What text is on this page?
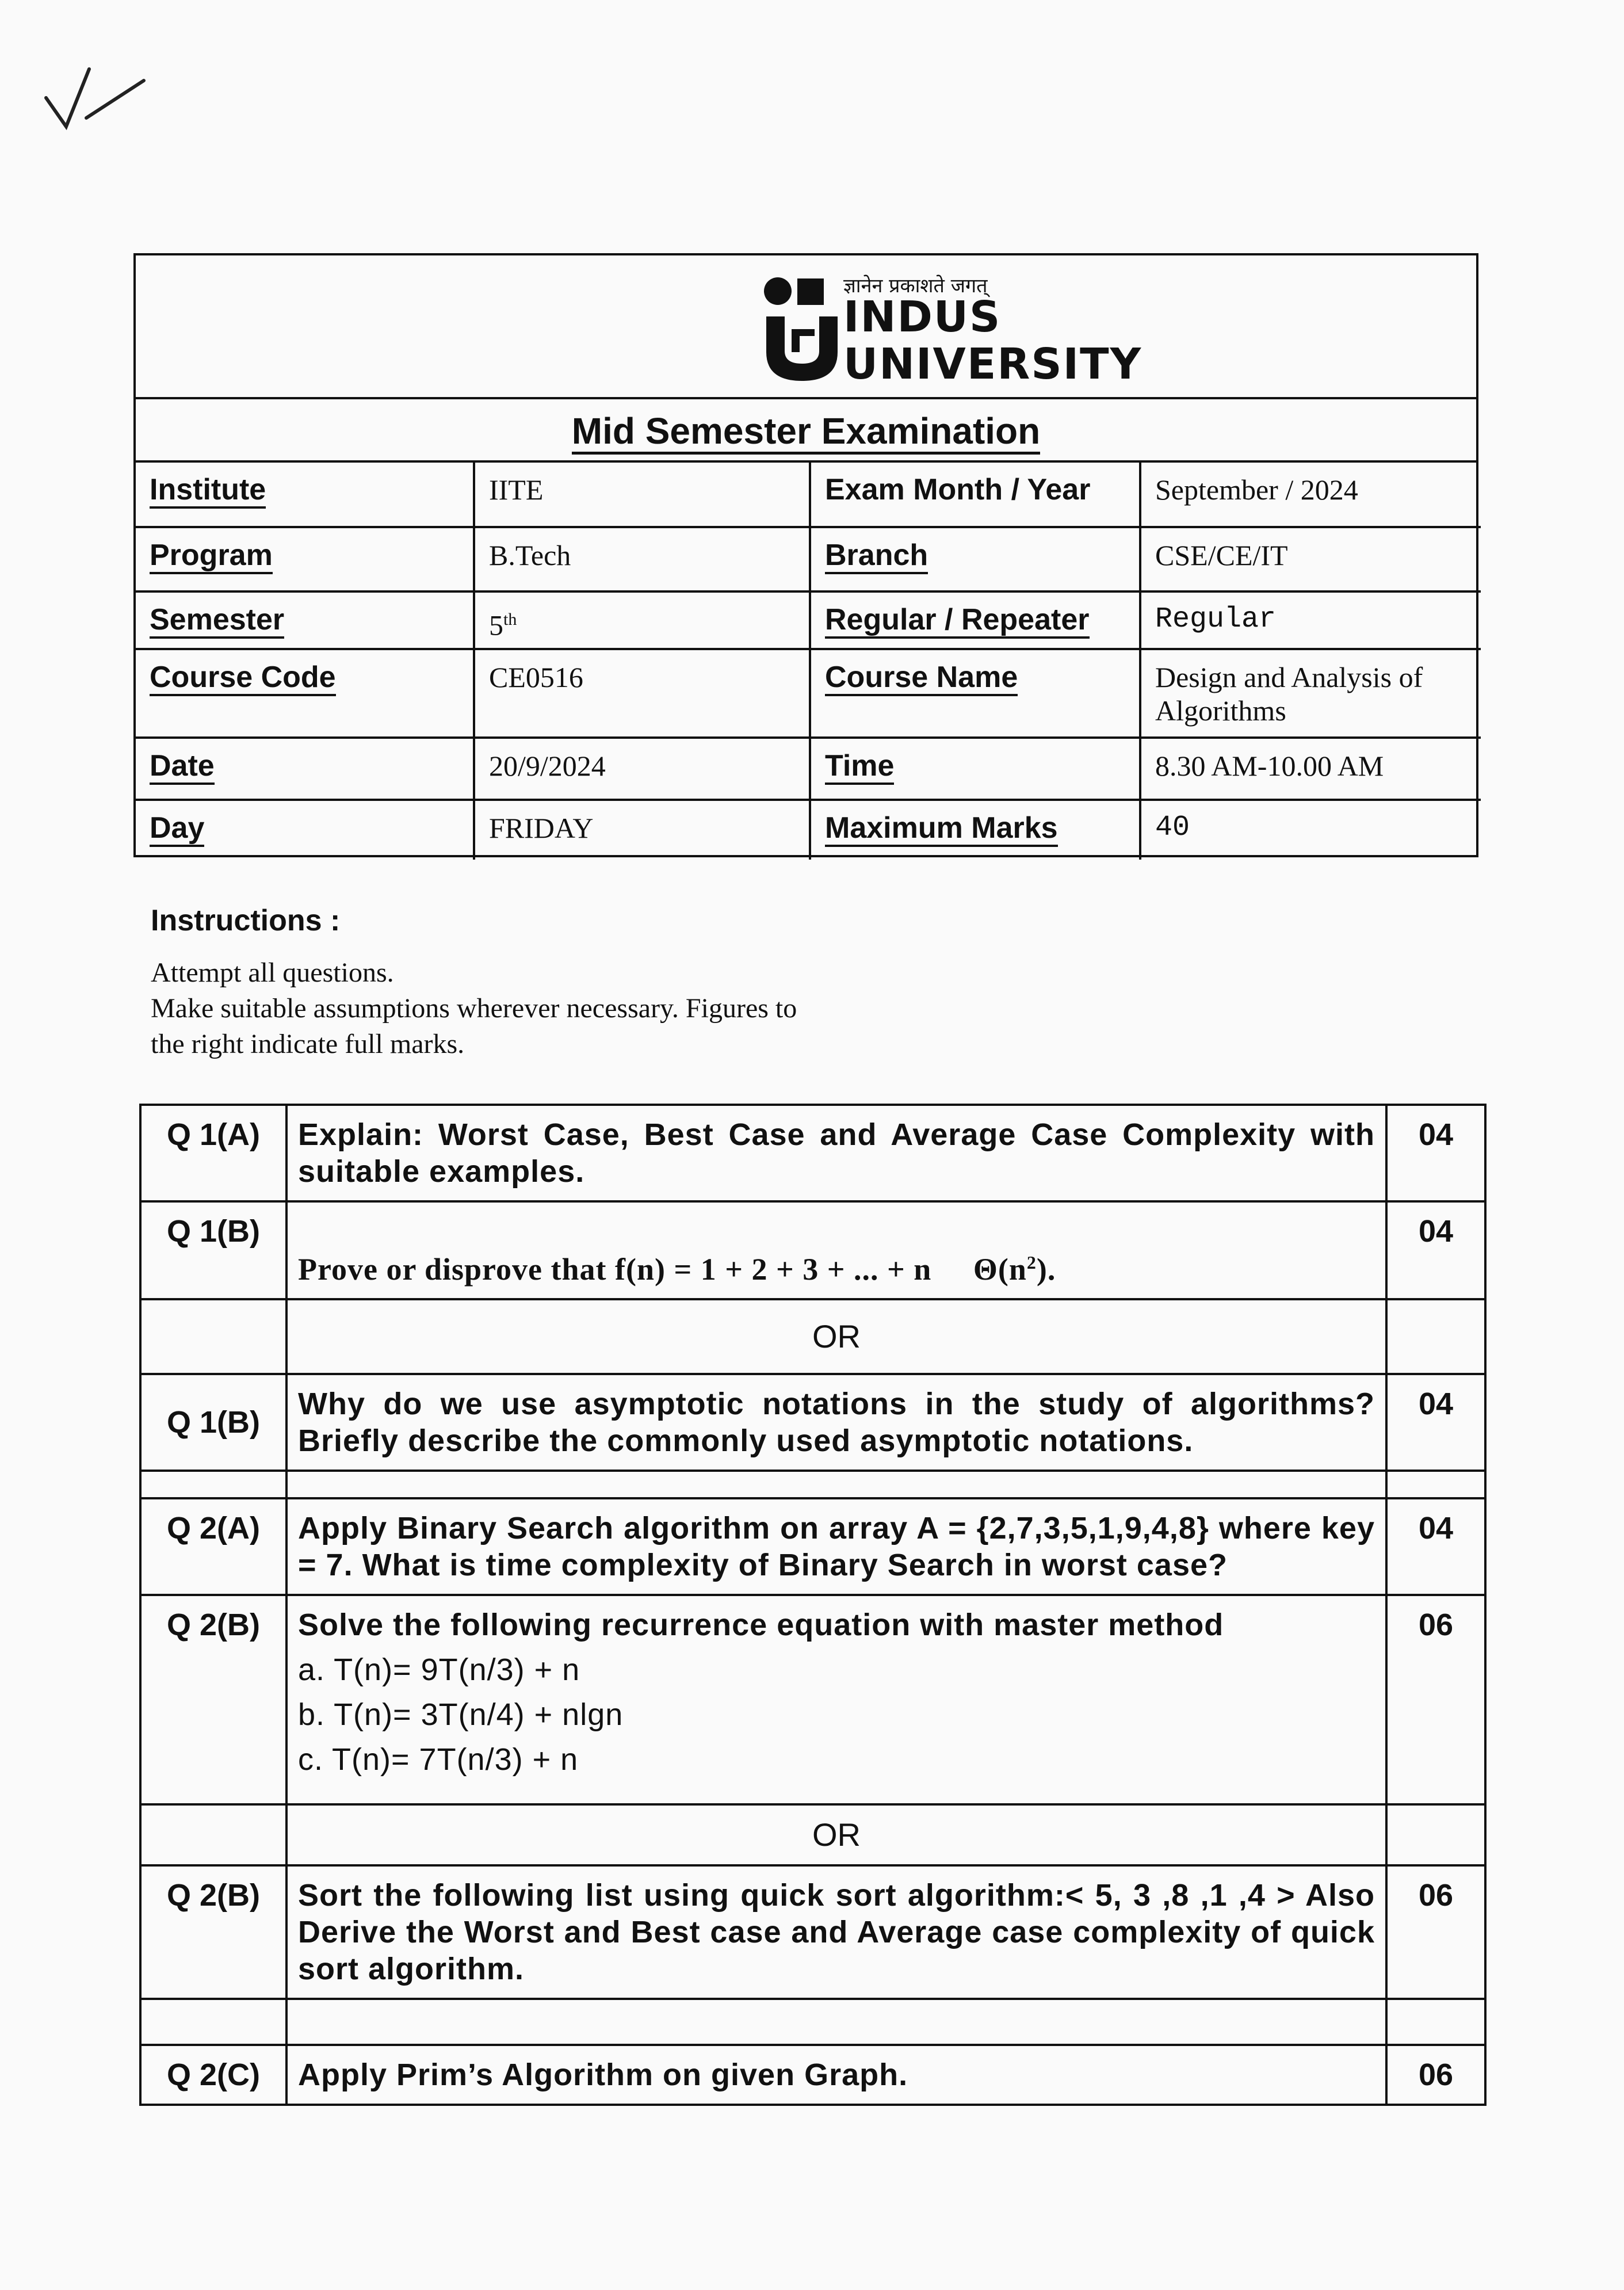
ज्ञानेन प्रकाशते जगत्
INDUS
UNIVERSITY
Mid Semester Examination
Institute	IITE	Exam Month / Year	September / 2024
Program	B.Tech	Branch	CSE/CE/IT
Semester	5th	Regular / Repeater	Regular
Course Code	CE0516	Course Name	Design and Analysis of Algorithms
Date	20/9/2024	Time	8.30 AM-10.00 AM
Day	FRIDAY	Maximum Marks	40
Instructions :
Attempt all questions.
Make suitable assumptions wherever necessary. Figures to
the right indicate full marks.
Q 1(A)	Explain: Worst Case, Best Case and Average Case Complexity with suitable examples.	04
Q 1(B)	Prove or disprove that f(n) = 1 + 2 + 3 + ... + n $\Theta(n^2)$.	04
	OR	
Q 1(B)	Why do we use asymptotic notations in the study of algorithms? Briefly describe the commonly used asymptotic notations.	04

Q 2(A)	Apply Binary Search algorithm on array A = {2,7,3,5,1,9,4,8} where key = 7. What is time complexity of Binary Search in worst case?	04
Q 2(B)	Solve the following recurrence equation with master method
a. T(n)= 9T(n/3) + n
b. T(n)= 3T(n/4) + nlgn
c. T(n)= 7T(n/3) + n	06
	OR	
Q 2(B)	Sort the following list using quick sort algorithm:< 5, 3 ,8 ,1 ,4 > Also Derive the Worst and Best case and Average case complexity of quick sort algorithm.	06

Q 2(C)	Apply Prim’s Algorithm on given Graph.	06
